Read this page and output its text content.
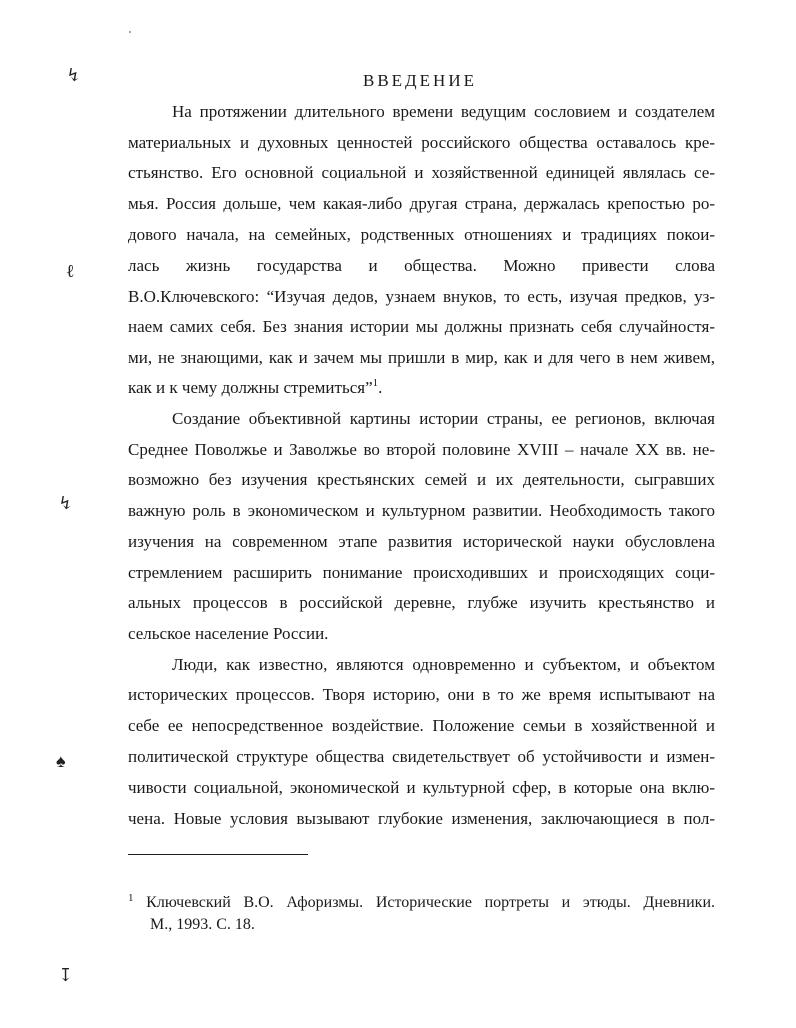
↯
ℓ
↯
♠
↧
ВВЕДЕНИЕ
На протяжении длительного времени ведущим сословием и создателем
материальных и духовных ценностей российского общества оставалось кре-
стьянство. Его основной социальной и хозяйственной единицей являлась се-
мья. Россия дольше, чем какая-либо другая страна, держалась крепостью ро-
дового начала, на семейных, родственных отношениях и традициях покои-
лась жизнь государства и общества. Можно привести слова
В.О.Ключевского: “Изучая дедов, узнаем внуков, то есть, изучая предков, уз-
наем самих себя. Без знания истории мы должны признать себя случайностя-
ми, не знающими, как и зачем мы пришли в мир, как и для чего в нем живем,
как и к чему должны стремиться”$^1$.
Создание объективной картины истории страны, ее регионов, включая
Среднее Поволжье и Заволжье во второй половине XVIII – начале XX вв. не-
возможно без изучения крестьянских семей и их деятельности, сыгравших
важную роль в экономическом и культурном развитии. Необходимость такого
изучения на современном этапе развития исторической науки обусловлена
стремлением расширить понимание происходивших и происходящих соци-
альных процессов в российской деревне, глубже изучить крестьянство и
сельское население России.
Люди, как известно, являются одновременно и субъектом, и объектом
исторических процессов. Творя историю, они в то же время испытывают на
себе ее непосредственное воздействие. Положение семьи в хозяйственной и
политической структуре общества свидетельствует об устойчивости и измен-
чивости социальной, экономической и культурной сфер, в которые она вклю-
чена. Новые условия вызывают глубокие изменения, заключающиеся в пол-
$^1$ Ключевский В.О. Афоризмы. Исторические портреты и этюды. Дневники.
М., 1993. С. 18.
